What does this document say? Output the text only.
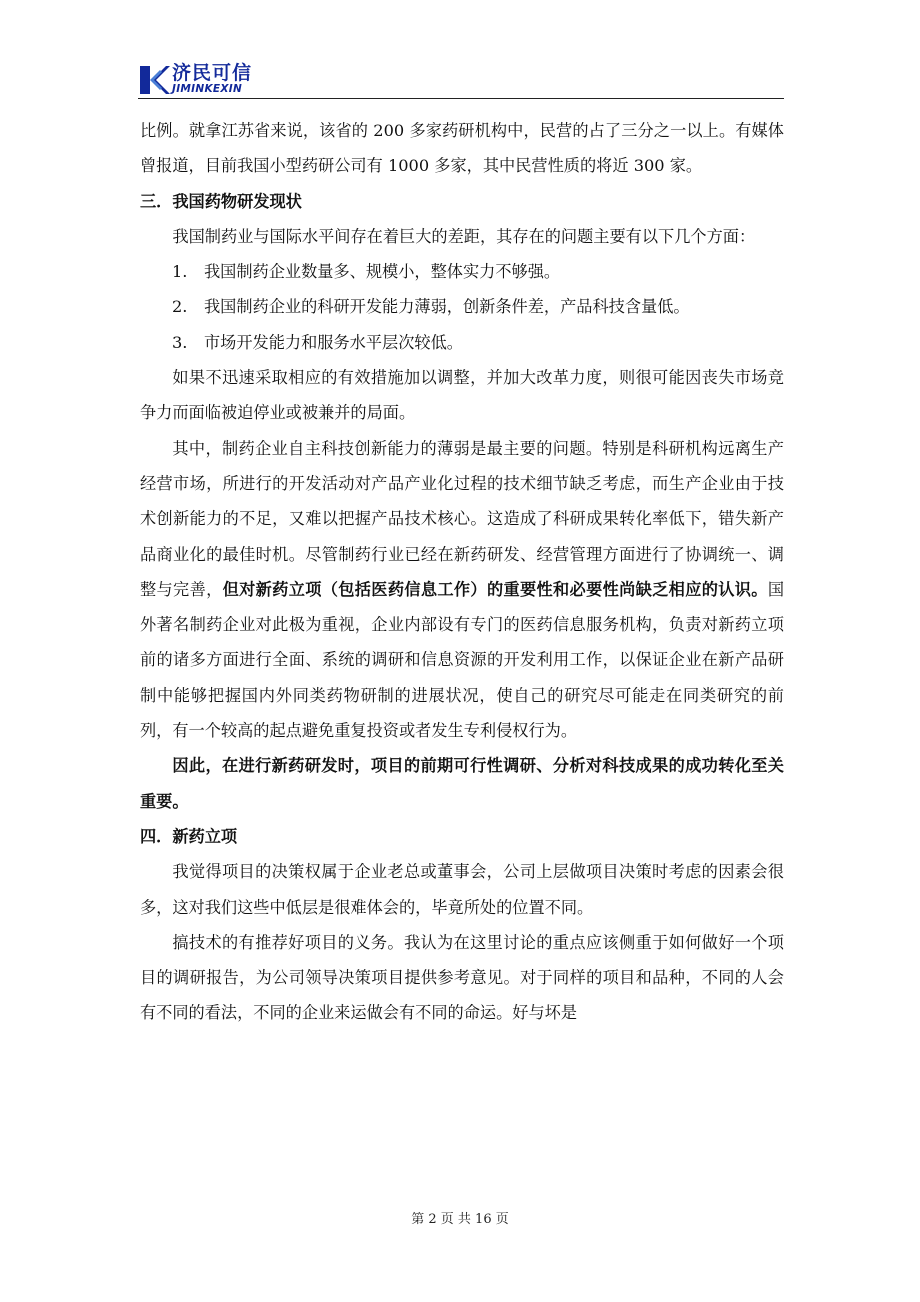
济民可信
JIMINKEXIN

比例。就拿江苏省来说，该省的 200 多家药研机构中，民营的占了三分之一以上。有媒体曾报道，目前我国小型药研公司有 1000 多家，其中民营性质的将近 300 家。

三．我国药物研发现状

我国制药业与国际水平间存在着巨大的差距，其存在的问题主要有以下几个方面：

1. 我国制药企业数量多、规模小，整体实力不够强。

2. 我国制药企业的科研开发能力薄弱，创新条件差，产品科技含量低。

3. 市场开发能力和服务水平层次较低。

如果不迅速采取相应的有效措施加以调整，并加大改革力度，则很可能因丧失市场竞争力而面临被迫停业或被兼并的局面。

其中，制药企业自主科技创新能力的薄弱是最主要的问题。特别是科研机构远离生产经营市场，所进行的开发活动对产品产业化过程的技术细节缺乏考虑，而生产企业由于技术创新能力的不足，又难以把握产品技术核心。这造成了科研成果转化率低下，错失新产品商业化的最佳时机。尽管制药行业已经在新药研发、经营管理方面进行了协调统一、调整与完善，但对新药立项（包括医药信息工作）的重要性和必要性尚缺乏相应的认识。国外著名制药企业对此极为重视，企业内部设有专门的医药信息服务机构，负责对新药立项前的诸多方面进行全面、系统的调研和信息资源的开发利用工作，以保证企业在新产品研制中能够把握国内外同类药物研制的进展状况，使自己的研究尽可能走在同类研究的前列，有一个较高的起点避免重复投资或者发生专利侵权行为。

因此，在进行新药研发时，项目的前期可行性调研、分析对科技成果的成功转化至关重要。

四．新药立项

我觉得项目的决策权属于企业老总或董事会，公司上层做项目决策时考虑的因素会很多，这对我们这些中低层是很难体会的，毕竟所处的位置不同。

搞技术的有推荐好项目的义务。我认为在这里讨论的重点应该侧重于如何做好一个项目的调研报告，为公司领导决策项目提供参考意见。对于同样的项目和品种，不同的人会有不同的看法，不同的企业来运做会有不同的命运。好与坏是

第 2 页 共 16 页
